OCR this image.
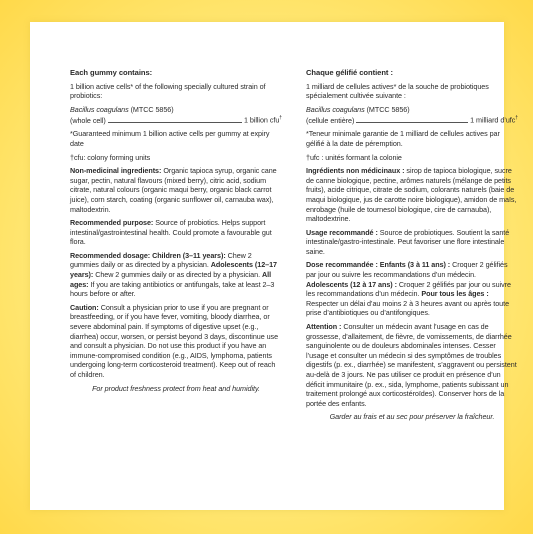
Each gummy contains:

1 billion active cells* of the following specially cultured strain of probiotics:

Bacillus coagulans (MTCC 5856)

(whole cell)	1 billion cfu†

*Guaranteed minimum 1 billion active cells per gummy at expiry date

†cfu: colony forming units

Non-medicinal ingredients: Organic tapioca syrup, organic cane sugar, pectin, natural flavours (mixed berry), citric acid, sodium citrate, natural colours (organic maqui berry, organic black carrot juice), corn starch, coating (organic sunflower oil, carnauba wax), maltodextrin.

Recommended purpose: Source of probiotics. Helps support intestinal/gastrointestinal health. Could promote a favourable gut flora.

Recommended dosage: Children (3–11 years): Chew 2 gummies daily or as directed by a physician. Adolescents (12–17 years): Chew 2 gummies daily or as directed by a physician. All ages: If you are taking antibiotics or antifungals, take at least 2–3 hours before or after.

Caution: Consult a physician prior to use if you are pregnant or breastfeeding, or if you have fever, vomiting, bloody diarrhea, or severe abdominal pain. If symptoms of digestive upset (e.g., diarrhea) occur, worsen, or persist beyond 3 days, discontinue use and consult a physician. Do not use this product if you have an immune-compromised condition (e.g., AIDS, lymphoma, patients undergoing long-term corticosteroid treatment). Keep out of reach of children.

For product freshness protect from heat and humidity.

Chaque gélifié contient :

1 milliard de cellules actives* de la souche de probiotiques spécialement cultivée suivante :

Bacillus coagulans (MTCC 5856)

(cellule entière)	1 milliard d’ufc†

*Teneur minimale garantie de 1 milliard de cellules actives par gélifié à la date de péremption.

†ufc : unités formant la colonie

Ingrédients non médicinaux : sirop de tapioca biologique, sucre de canne biologique, pectine, arômes naturels (mélange de petits fruits), acide citrique, citrate de sodium, colorants naturels (baie de maqui biologique, jus de carotte noire biologique), amidon de maïs, enrobage (huile de tournesol biologique, cire de carnauba), maltodextrine.

Usage recommandé : Source de probiotiques. Soutient la santé intestinale/gastro-intestinale. Peut favoriser une flore intestinale saine.

Dose recommandée : Enfants (3 à 11 ans) : Croquer 2 gélifiés par jour ou suivre les recommandations d’un médecin. Adolescents (12 à 17 ans) : Croquer 2 gélifiés par jour ou suivre les recommandations d’un médecin. Pour tous les âges : Respecter un délai d’au moins 2 à 3 heures avant ou après toute prise d’antibiotiques ou d’antifongiques.

Attention : Consulter un médecin avant l’usage en cas de grossesse, d’allaitement, de fièvre, de vomissements, de diarrhée sanguinolente ou de douleurs abdominales intenses. Cesser l’usage et consulter un médecin si des symptômes de troubles digestifs (p. ex., diarrhée) se manifestent, s’aggravent ou persistent au-delà de 3 jours. Ne pas utiliser ce produit en présence d’un déficit immunitaire (p. ex., sida, lymphome, patients subissant un traitement prolongé aux corticostéroïdes). Conserver hors de la portée des enfants.

Garder au frais et au sec pour préserver la fraîcheur.
